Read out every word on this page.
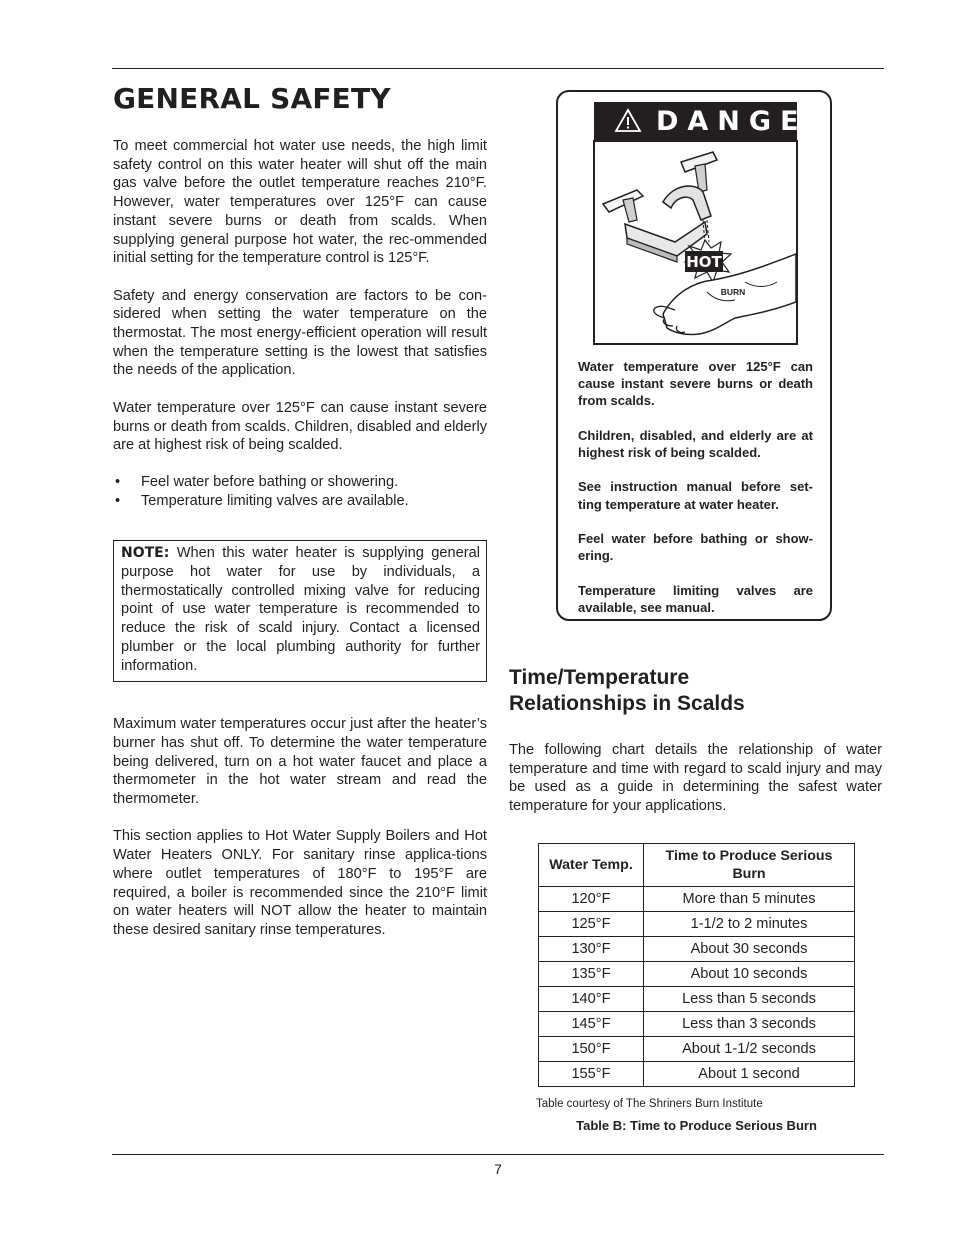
GENERAL SAFETY

To meet commercial hot water use needs, the high limit safety control on this water heater will shut off the main gas valve before the outlet temperature reaches 210°F. However, water temperatures over 125°F can cause instant severe burns or death from scalds. When supplying general purpose hot water, the rec-ommended initial setting for the temperature control is 125°F.

Safety and energy conservation are factors to be con-sidered when setting the water temperature on the thermostat. The most energy-efficient operation will result when the temperature setting is the lowest that satisfies the needs of the application.

Water temperature over 125°F can cause instant severe burns or death from scalds. Children, disabled and elderly are at highest risk of being scalded.

• Feel water before bathing or showering.
• Temperature limiting valves are available.
NOTE: When this water heater is supplying general purpose hot water for use by individuals, a thermostatically controlled mixing valve for reducing point of use water temperature is recommended to reduce the risk of scald injury. Contact a licensed plumber or the local plumbing authority for further information.

Maximum water temperatures occur just after the heater’s burner has shut off. To determine the water temperature being delivered, turn on a hot water faucet and place a thermometer in the hot water stream and read the thermometer.

This section applies to Hot Water Supply Boilers and Hot Water Heaters ONLY. For sanitary rinse applica-tions where outlet temperatures of 180°F to 195°F are required, a boiler is recommended since the 210°F limit on water heaters will NOT allow the heater to maintain these desired sanitary rinse temperatures.

DANGER
HOT
BURN

Water temperature over 125°F can cause instant severe burns or death from scalds.

Children, disabled, and elderly are at highest risk of being scalded.

See instruction manual before set-ting temperature at water heater.

Feel water before bathing or show-ering.

Temperature limiting valves are available, see manual.

Time/Temperature
Relationships in Scalds

The following chart details the relationship of water temperature and time with regard to scald injury and may be used as a guide in determining the safest water temperature for your applications.

Water Temp.	Time to Produce Serious Burn
120°F	More than 5 minutes
125°F	1-1/2 to 2 minutes
130°F	About 30 seconds
135°F	About 10 seconds
140°F	Less than 5 seconds
145°F	Less than 3 seconds
150°F	About 1-1/2 seconds
155°F	About 1 second
Table courtesy of The Shriners Burn Institute
Table B: Time to Produce Serious Burn
7
